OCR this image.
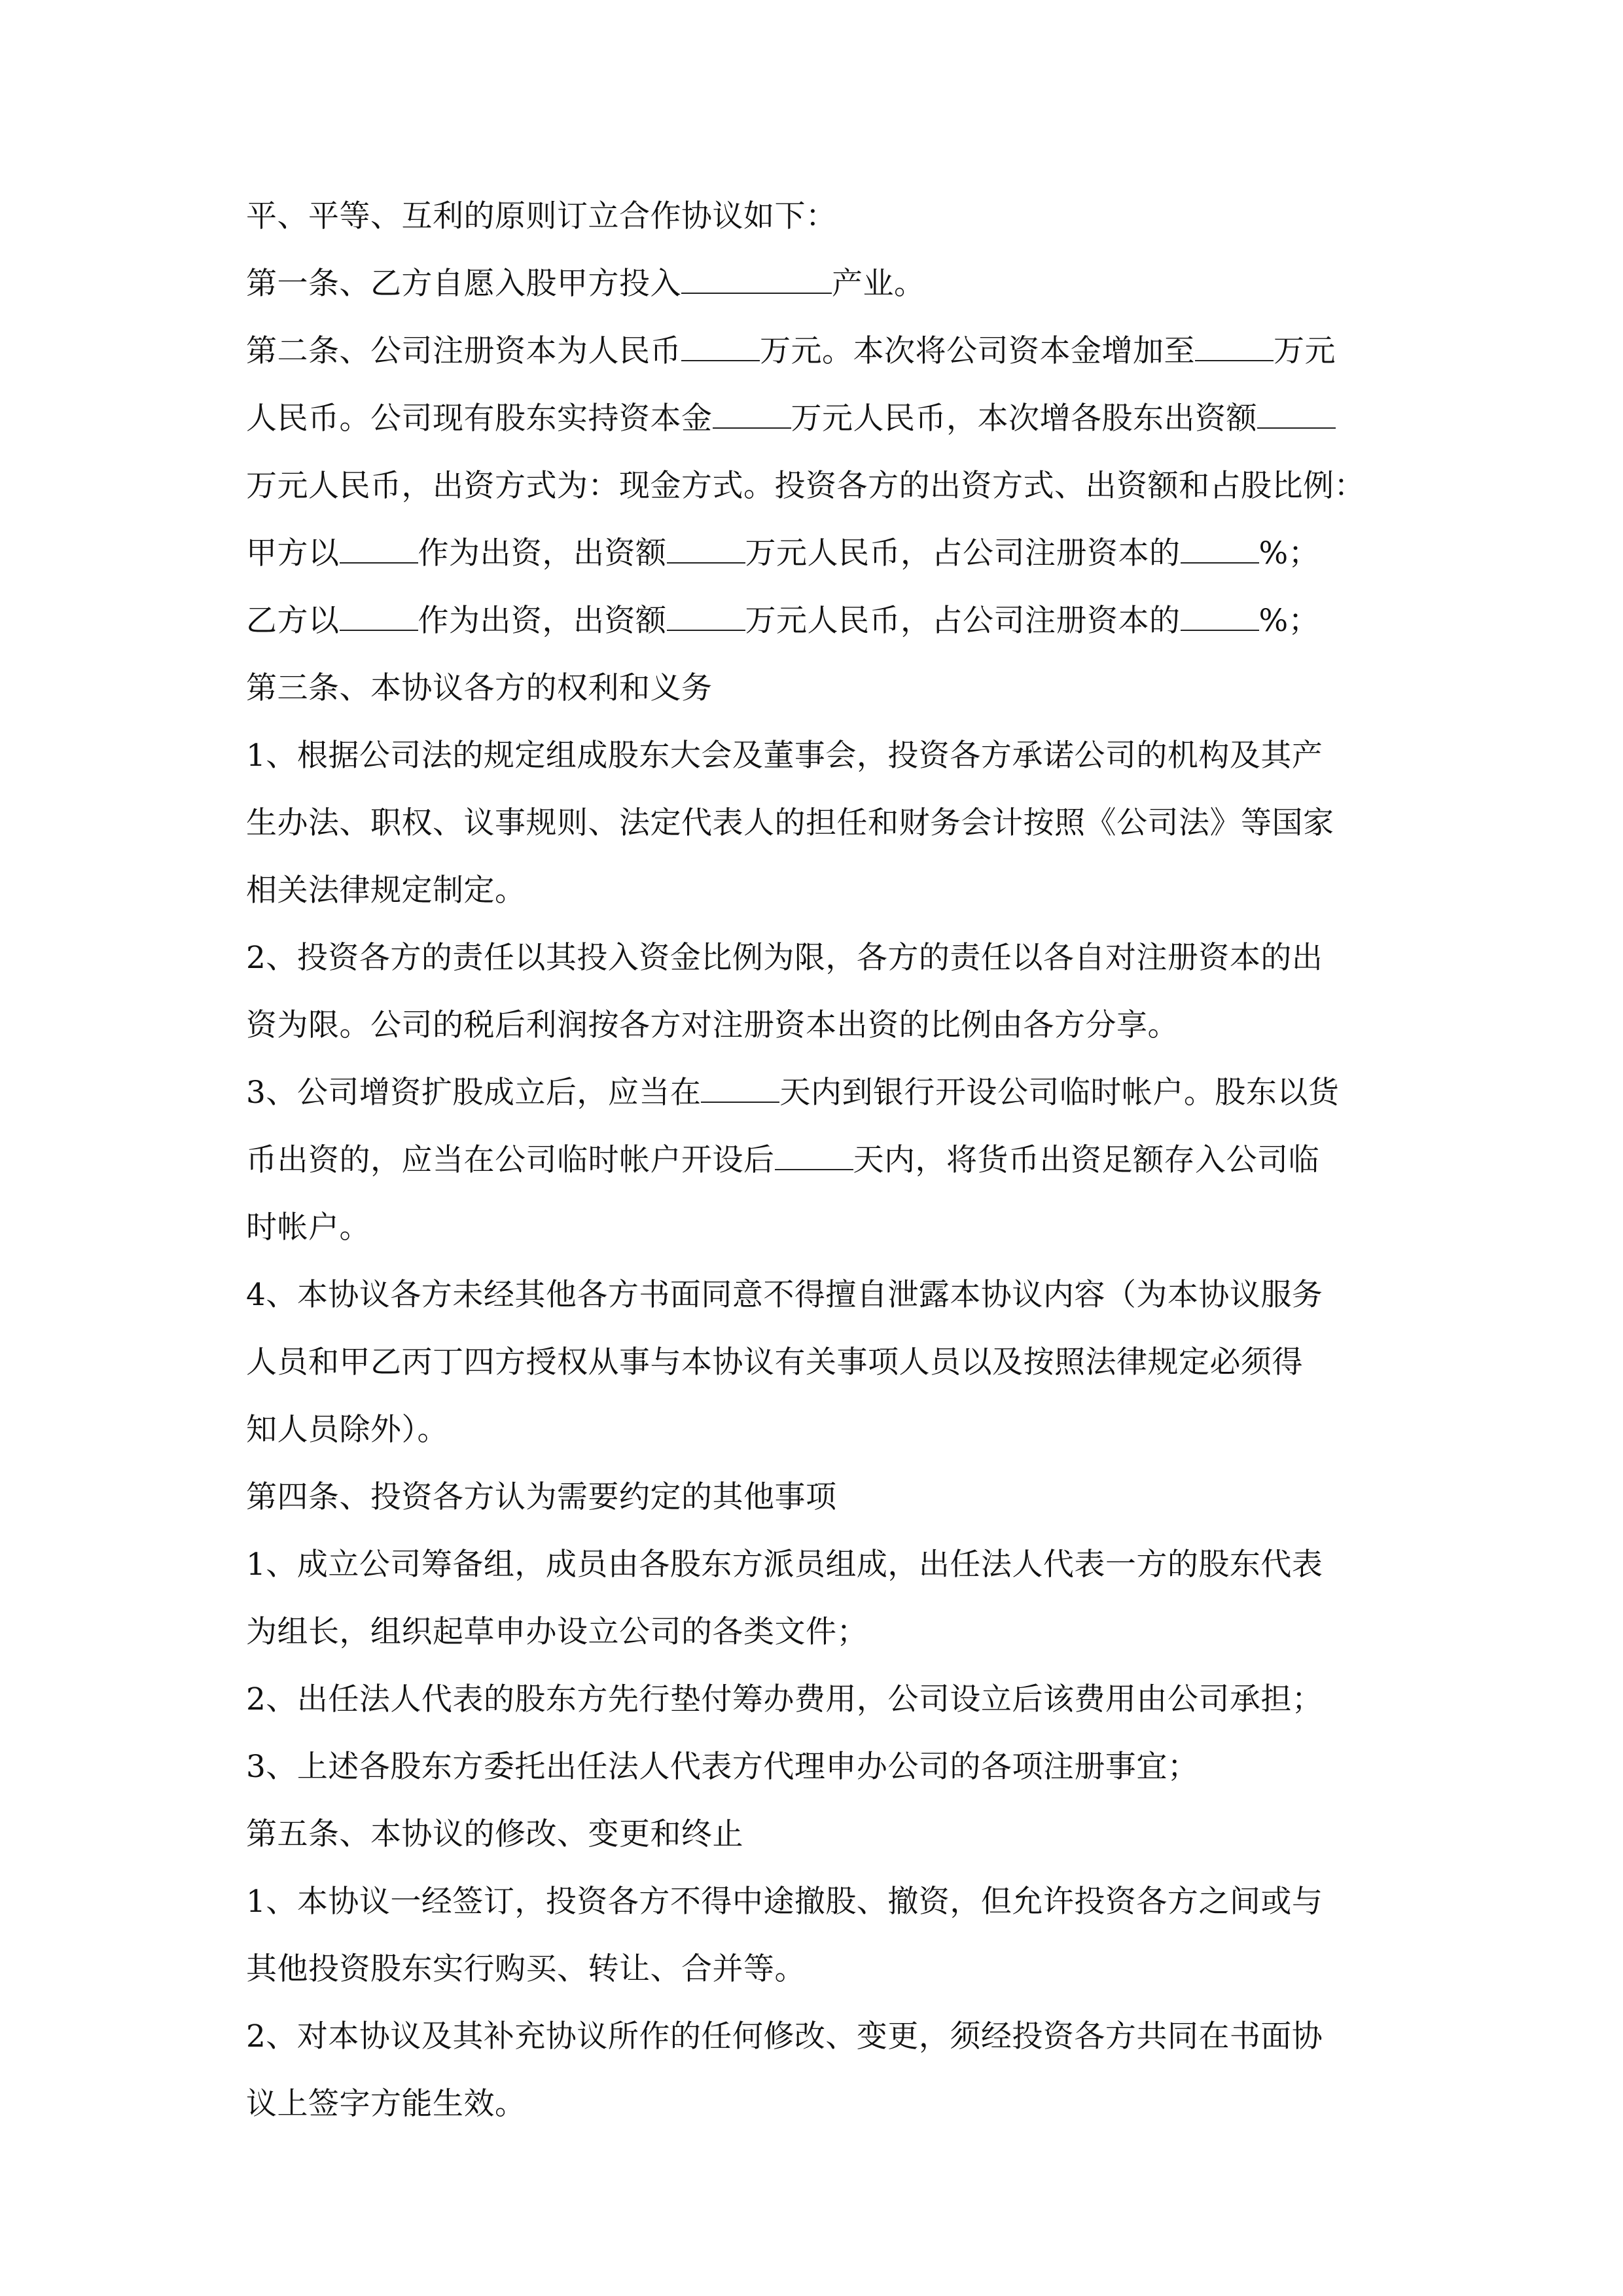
平、平等、互利的原则订立合作协议如下：
第一条、乙方自愿入股甲方投入	产业。
第二条、公司注册资本为人民币	万元。本次将公司资本金增加至	万元
人民币。公司现有股东实持资本金	万元人民币，本次增各股东出资额
万元人民币，出资方式为：现金方式。投资各方的出资方式、出资额和占股比例：
甲方以	作为出资，出资额	万元人民币，占公司注册资本的	%；
乙方以	作为出资，出资额	万元人民币，占公司注册资本的	%；
第三条、本协议各方的权利和义务
1、根据公司法的规定组成股东大会及董事会，投资各方承诺公司的机构及其产
生办法、职权、议事规则、法定代表人的担任和财务会计按照《公司法》等国家
相关法律规定制定。
2、投资各方的责任以其投入资金比例为限，各方的责任以各自对注册资本的出
资为限。公司的税后利润按各方对注册资本出资的比例由各方分享。
3、公司增资扩股成立后，应当在	天内到银行开设公司临时帐户。股东以货
币出资的，应当在公司临时帐户开设后	天内，将货币出资足额存入公司临
时帐户。
4、本协议各方未经其他各方书面同意不得擅自泄露本协议内容（为本协议服务
人员和甲乙丙丁四方授权从事与本协议有关事项人员以及按照法律规定必须得
知人员除外）。
第四条、投资各方认为需要约定的其他事项
1、成立公司筹备组，成员由各股东方派员组成，出任法人代表一方的股东代表
为组长，组织起草申办设立公司的各类文件；
2、出任法人代表的股东方先行垫付筹办费用，公司设立后该费用由公司承担；
3、上述各股东方委托出任法人代表方代理申办公司的各项注册事宜；
第五条、本协议的修改、变更和终止
1、本协议一经签订，投资各方不得中途撤股、撤资，但允许投资各方之间或与
其他投资股东实行购买、转让、合并等。
2、对本协议及其补充协议所作的任何修改、变更，须经投资各方共同在书面协
议上签字方能生效。
